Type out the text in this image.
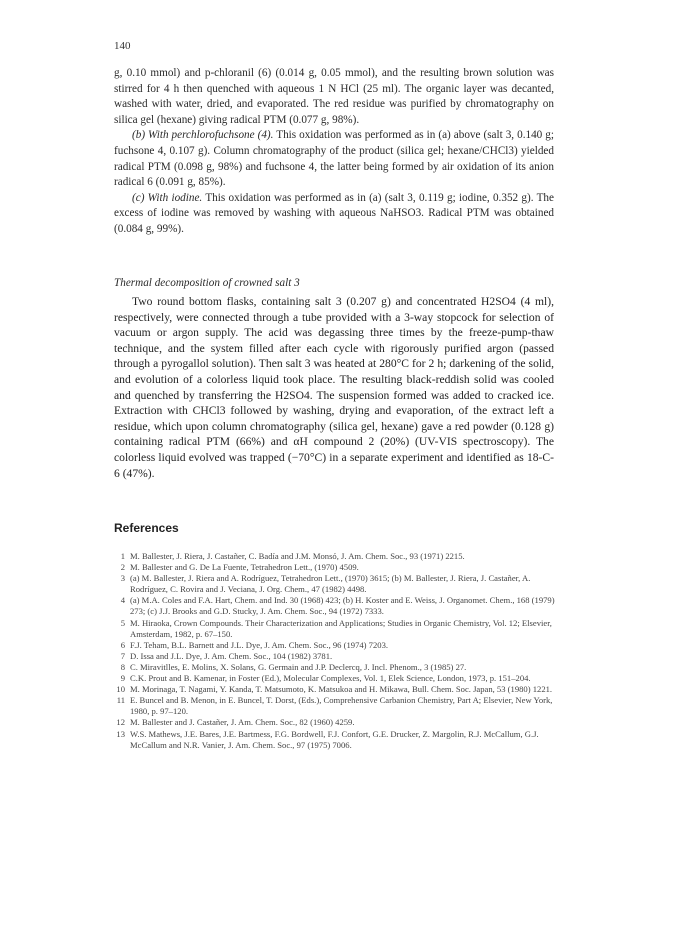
140

g, 0.10 mmol) and p-chloranil (6) (0.014 g, 0.05 mmol), and the resulting brown solution was stirred for 4 h then quenched with aqueous 1 N HCl (25 ml). The organic layer was decanted, washed with water, dried, and evaporated. The red residue was purified by chromatography on silica gel (hexane) giving radical PTM (0.077 g, 98%).

(b) With perchlorofuchsone (4). This oxidation was performed as in (a) above (salt 3, 0.140 g; fuchsone 4, 0.107 g). Column chromatography of the product (silica gel; hexane/CHCl3) yielded radical PTM (0.098 g, 98%) and fuchsone 4, the latter being formed by air oxidation of its anion radical 6 (0.091 g, 85%).

(c) With iodine. This oxidation was performed as in (a) (salt 3, 0.119 g; iodine, 0.352 g). The excess of iodine was removed by washing with aqueous NaHSO3. Radical PTM was obtained (0.084 g, 99%).

Thermal decomposition of crowned salt 3

Two round bottom flasks, containing salt 3 (0.207 g) and concentrated H2SO4 (4 ml), respectively, were connected through a tube provided with a 3-way stopcock for selection of vacuum or argon supply. The acid was degassing three times by the freeze-pump-thaw technique, and the system filled after each cycle with rigorously purified argon (passed through a pyrogallol solution). Then salt 3 was heated at 280°C for 2 h; darkening of the solid, and evolution of a colorless liquid took place. The resulting black-reddish solid was cooled and quenched by transferring the H2SO4. The suspension formed was added to cracked ice. Extraction with CHCl3 followed by washing, drying and evaporation, of the extract left a residue, which upon column chromatography (silica gel, hexane) gave a red powder (0.128 g) containing radical PTM (66%) and αH compound 2 (20%) (UV-VIS spectroscopy). The colorless liquid evolved was trapped (−70°C) in a separate experiment and identified as 18-C-6 (47%).

References
1 M. Ballester, J. Riera, J. Castañer, C. Badía and J.M. Monsó, J. Am. Chem. Soc., 93 (1971) 2215.
2 M. Ballester and G. De La Fuente, Tetrahedron Lett., (1970) 4509.
3 (a) M. Ballester, J. Riera and A. Rodríguez, Tetrahedron Lett., (1970) 3615; (b) M. Ballester, J. Riera, J. Castañer, A. Rodríguez, C. Rovira and J. Veciana, J. Org. Chem., 47 (1982) 4498.
4 (a) M.A. Coles and F.A. Hart, Chem. and Ind. 30 (1968) 423; (b) H. Koster and E. Weiss, J. Organomet. Chem., 168 (1979) 273; (c) J.J. Brooks and G.D. Stucky, J. Am. Chem. Soc., 94 (1972) 7333.
5 M. Hiraoka, Crown Compounds. Their Characterization and Applications; Studies in Organic Chemistry, Vol. 12; Elsevier, Amsterdam, 1982, p. 67–150.
6 F.J. Teham, B.L. Barnett and J.L. Dye, J. Am. Chem. Soc., 96 (1974) 7203.
7 D. Issa and J.L. Dye, J. Am. Chem. Soc., 104 (1982) 3781.
8 C. Miravitlles, E. Molins, X. Solans, G. Germain and J.P. Declercq, J. Incl. Phenom., 3 (1985) 27.
9 C.K. Prout and B. Kamenar, in Foster (Ed.), Molecular Complexes, Vol. 1, Elek Science, London, 1973, p. 151–204.
10 M. Morinaga, T. Nagami, Y. Kanda, T. Matsumoto, K. Matsukoa and H. Mikawa, Bull. Chem. Soc. Japan, 53 (1980) 1221.
11 E. Buncel and B. Menon, in E. Buncel, T. Dorst, (Eds.), Comprehensive Carbanion Chemistry, Part A; Elsevier, New York, 1980, p. 97–120.
12 M. Ballester and J. Castañer, J. Am. Chem. Soc., 82 (1960) 4259.
13 W.S. Mathews, J.E. Bares, J.E. Bartmess, F.G. Bordwell, F.J. Confort, G.E. Drucker, Z. Margolin, R.J. McCallum, G.J. McCallum and N.R. Vanier, J. Am. Chem. Soc., 97 (1975) 7006.
